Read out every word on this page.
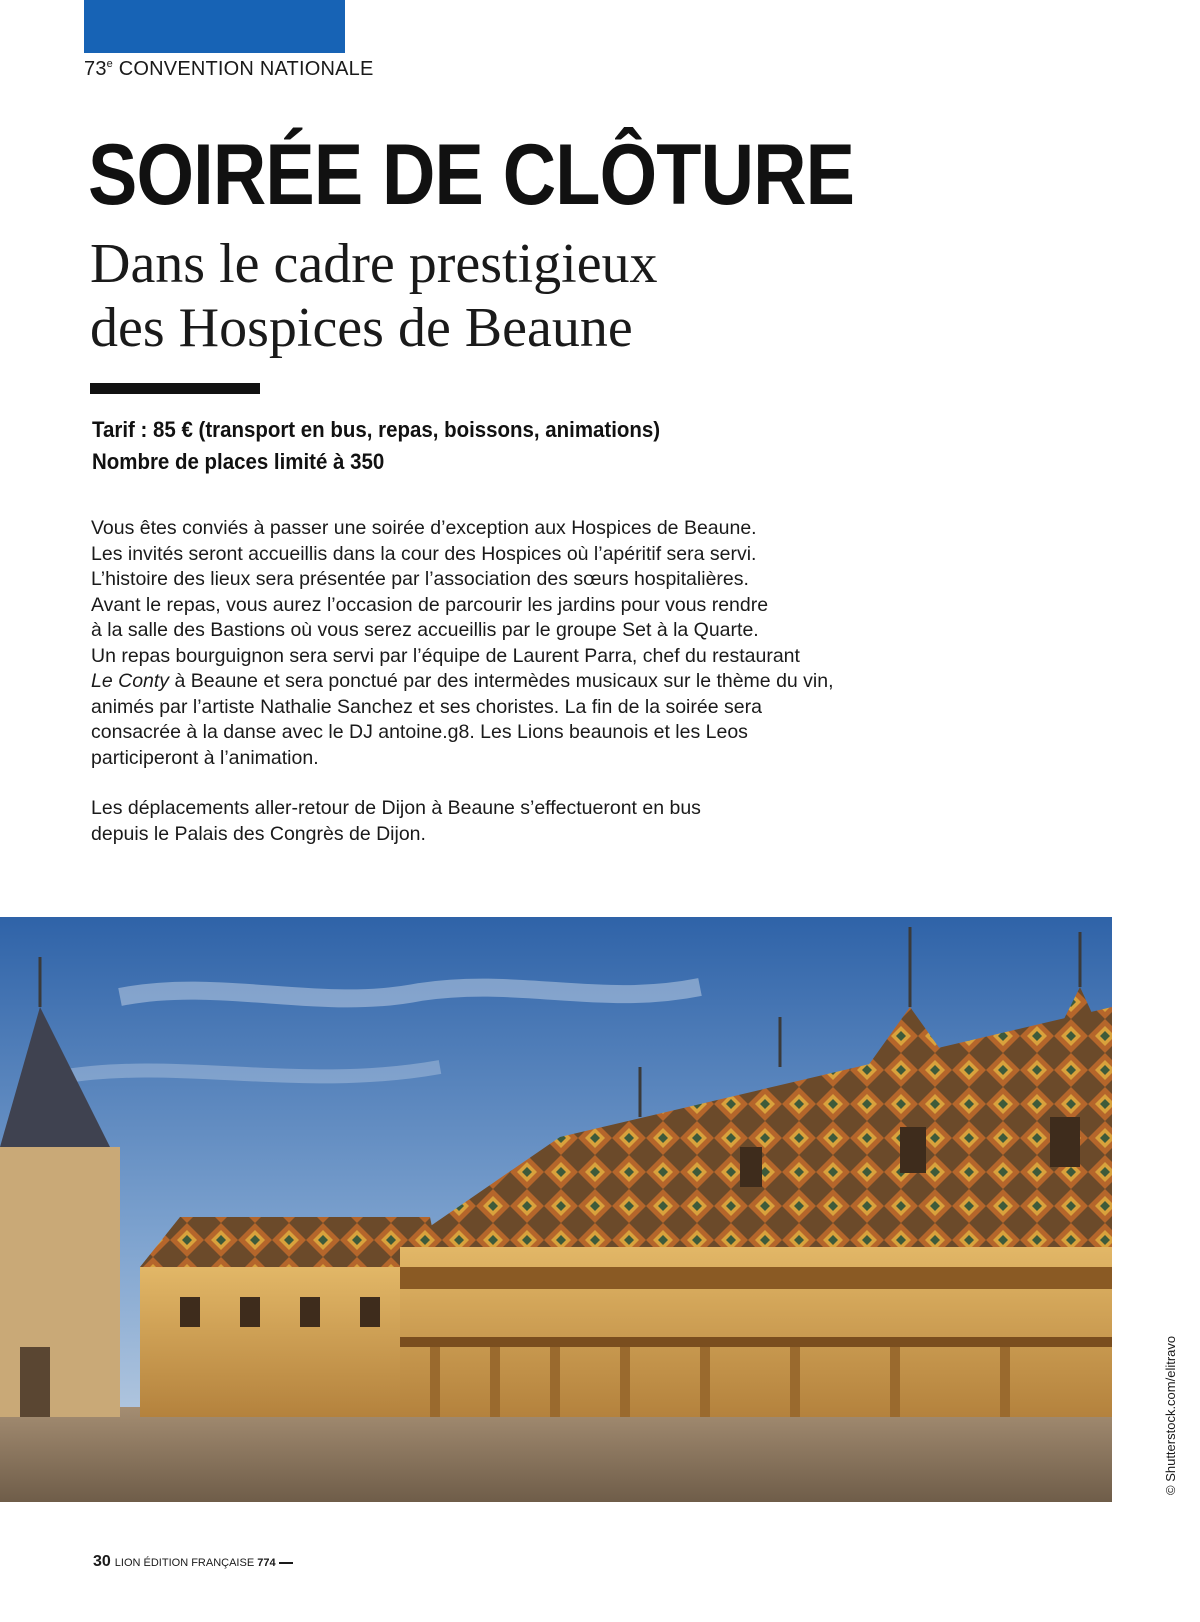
73e CONVENTION NATIONALE
SOIRÉE DE CLÔTURE
Dans le cadre prestigieux
des Hospices de Beaune
Tarif : 85 € (transport en bus, repas, boissons, animations)
Nombre de places limité à 350

Vous êtes conviés à passer une soirée d’exception aux Hospices de Beaune.
Les invités seront accueillis dans la cour des Hospices où l’apéritif sera servi.
L’histoire des lieux sera présentée par l’association des sœurs hospitalières.
Avant le repas, vous aurez l’occasion de parcourir les jardins pour vous rendre
à la salle des Bastions où vous serez accueillis par le groupe Set à la Quarte.
Un repas bourguignon sera servi par l’équipe de Laurent Parra, chef du restaurant
Le Conty à Beaune et sera ponctué par des intermèdes musicaux sur le thème du vin,
animés par l’artiste Nathalie Sanchez et ses choristes. La fin de la soirée sera
consacrée à la danse avec le DJ antoine.g8. Les Lions beaunois et les Leos
participeront à l’animation.

Les déplacements aller-retour de Dijon à Beaune s’effectueront en bus
depuis le Palais des Congrès de Dijon.

© Shutterstock.com/elitravo
30 LION ÉDITION FRANÇAISE 774
